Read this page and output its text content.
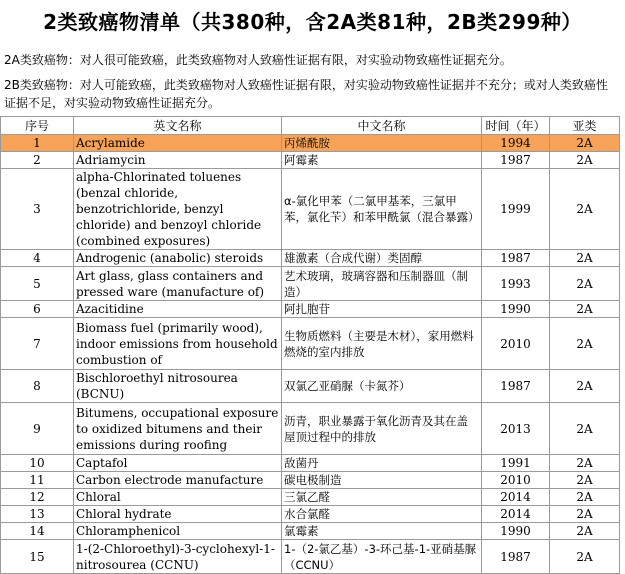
2类致癌物清单（共380种，含2A类81种，2B类299种）
2A类致癌物：对人很可能致癌，此类致癌物对人致癌性证据有限，对实验动物致癌性证据充分。
2B类致癌物：对人可能致癌，此类致癌物对人致癌性证据有限，对实验动物致癌性证据并不充分；或对人类致癌性证据不足，对实验动物致癌性证据充分。
序号	英文名称	中文名称	时间（年）	亚类
1	Acrylamide	丙烯酰胺	1994	2A
2	Adriamycin	阿霉素	1987	2A
3	alpha-Chlorinated toluenes (benzal chloride, benzotrichloride, benzyl chloride) and benzoyl chloride (combined exposures)	α-氯化甲苯（二氯甲基苯，三氯甲苯，氯化苄）和苯甲酰氯（混合暴露）	1999	2A
4	Androgenic (anabolic) steroids	雄激素（合成代谢）类固醇	1987	2A
5	Art glass, glass containers and pressed ware (manufacture of)	艺术玻璃，玻璃容器和压制器皿（制造）	1993	2A
6	Azacitidine	阿扎胞苷	1990	2A
7	Biomass fuel (primarily wood), indoor emissions from household combustion of	生物质燃料（主要是木材），家用燃料燃烧的室内排放	2010	2A
8	Bischloroethyl nitrosourea (BCNU)	双氯乙亚硝脲（卡氮芥）	1987	2A
9	Bitumens, occupational exposure to oxidized bitumens and their emissions during roofing	沥青，职业暴露于氧化沥青及其在盖屋顶过程中的排放	2013	2A
10	Captafol	敌菌丹	1991	2A
11	Carbon electrode manufacture	碳电极制造	2010	2A
12	Chloral	三氯乙醛	2014	2A
13	Chloral hydrate	水合氯醛	2014	2A
14	Chloramphenicol	氯霉素	1990	2A
15	1-(2-Chloroethyl)-3-cyclohexyl-1-nitrosourea (CCNU)	1-（2-氯乙基）-3-环己基-1-亚硝基脲（CCNU）	1987	2A
